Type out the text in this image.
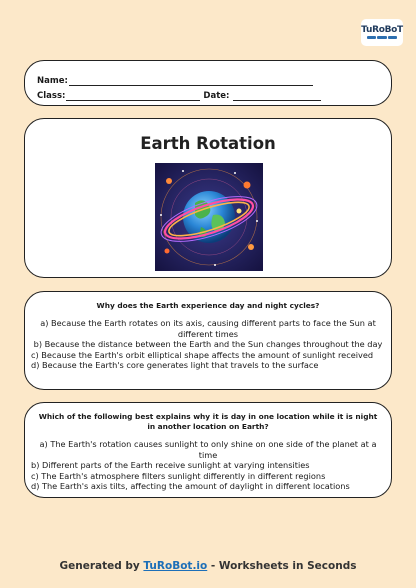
TuRoBoT
Name:
Class:	Date:
Earth Rotation
Why does the Earth experience day and night cycles?
a) Because the Earth rotates on its axis, causing different parts to face the Sun at different times
b) Because the distance between the Earth and the Sun changes throughout the day
c) Because the Earth's orbit elliptical shape affects the amount of sunlight received
d) Because the Earth's core generates light that travels to the surface
Which of the following best explains why it is day in one location while it is night in another location on Earth?
a) The Earth's rotation causes sunlight to only shine on one side of the planet at a time
b) Different parts of the Earth receive sunlight at varying intensities
c) The Earth's atmosphere filters sunlight differently in different regions
d) The Earth's axis tilts, affecting the amount of daylight in different locations
Generated by TuRoBot.io - Worksheets in Seconds
